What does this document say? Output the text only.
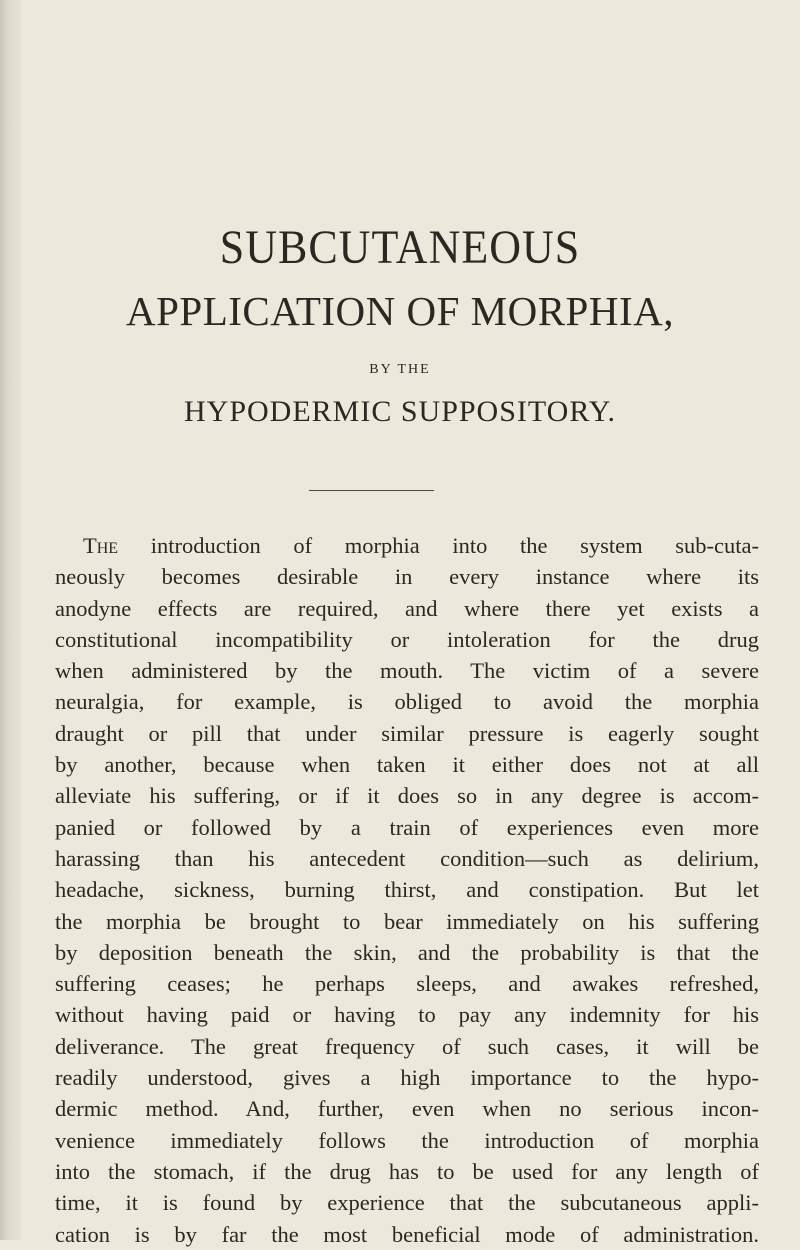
SUBCUTANEOUS
APPLICATION OF MORPHIA,
BY THE
HYPODERMIC SUPPOSITORY.
The introduction of morphia into the system sub-cuta-
neously becomes desirable in every instance where its
anodyne effects are required, and where there yet exists a
constitutional incompatibility or intoleration for the drug
when administered by the mouth. The victim of a severe
neuralgia, for example, is obliged to avoid the morphia
draught or pill that under similar pressure is eagerly sought
by another, because when taken it either does not at all
alleviate his suffering, or if it does so in any degree is accom-
panied or followed by a train of experiences even more
harassing than his antecedent condition—such as delirium,
headache, sickness, burning thirst, and constipation. But let
the morphia be brought to bear immediately on his suffering
by deposition beneath the skin, and the probability is that the
suffering ceases; he perhaps sleeps, and awakes refreshed,
without having paid or having to pay any indemnity for his
deliverance. The great frequency of such cases, it will be
readily understood, gives a high importance to the hypo-
dermic method. And, further, even when no serious incon-
venience immediately follows the introduction of morphia
into the stomach, if the drug has to be used for any length of
time, it is found by experience that the subcutaneous appli-
cation is by far the most beneficial mode of administration.
